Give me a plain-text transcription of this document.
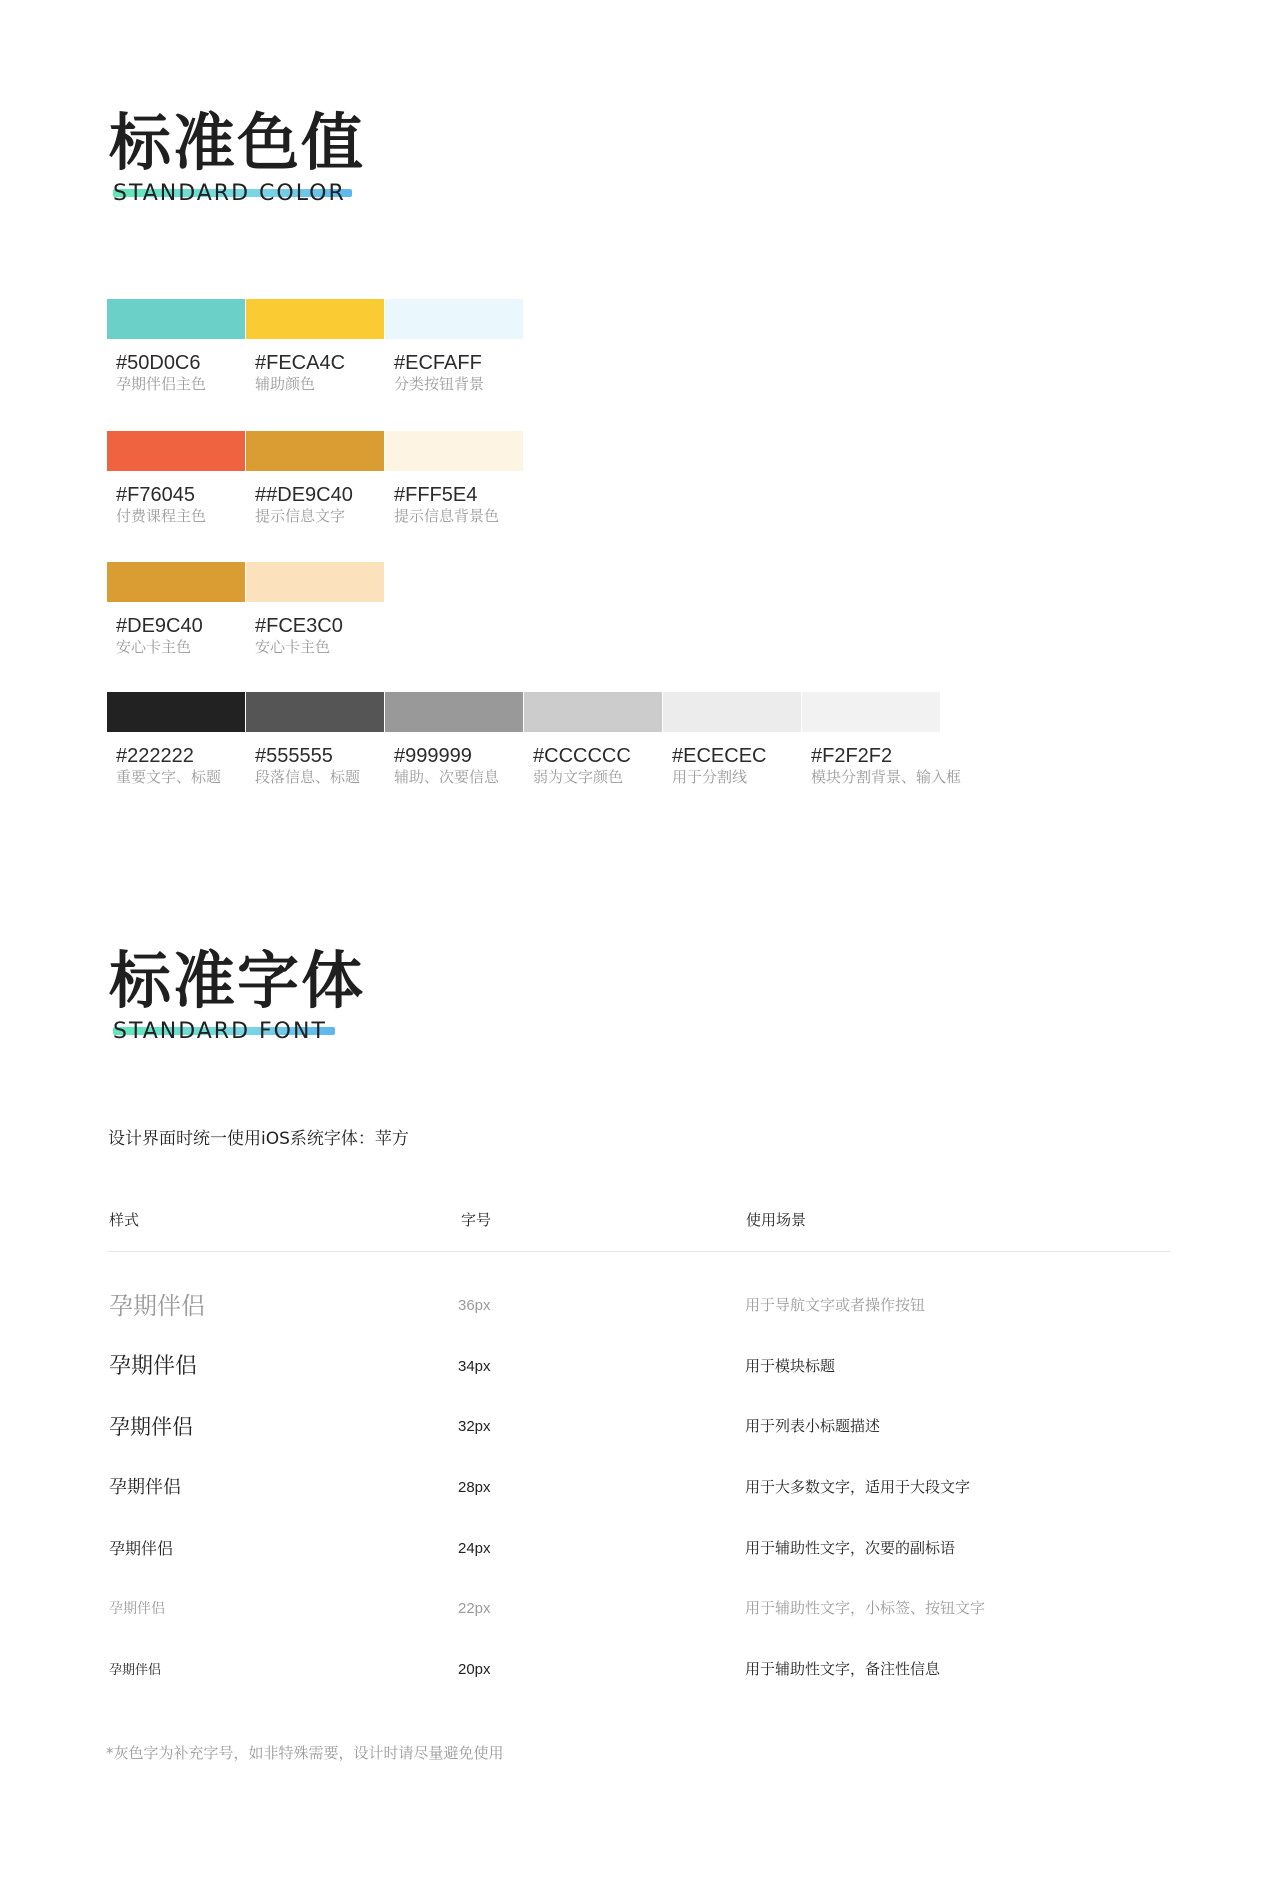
标准色值
STANDARD COLOR
#50D0C6
孕期伴侣主色
#FECA4C
辅助颜色
#ECFAFF
分类按钮背景
#F76045
付费课程主色
##DE9C40
提示信息文字
#FFF5E4
提示信息背景色
#DE9C40
安心卡主色
#FCE3C0
安心卡主色
#222222
重要文字、标题
#555555
段落信息、标题
#999999
辅助、次要信息
#CCCCCC
弱为文字颜色
#ECECEC
用于分割线
#F2F2F2
模块分割背景、输入框
标准字体
STANDARD FONT
设计界面时统一使用iOS系统字体：苹方
样式	字号	使用场景
孕期伴侣	36px	用于导航文字或者操作按钮
孕期伴侣	34px	用于模块标题
孕期伴侣	32px	用于列表小标题描述
孕期伴侣	28px	用于大多数文字，适用于大段文字
孕期伴侣	24px	用于辅助性文字，次要的副标语
孕期伴侣	22px	用于辅助性文字，小标签、按钮文字
孕期伴侣	20px	用于辅助性文字，备注性信息
*灰色字为补充字号，如非特殊需要，设计时请尽量避免使用
